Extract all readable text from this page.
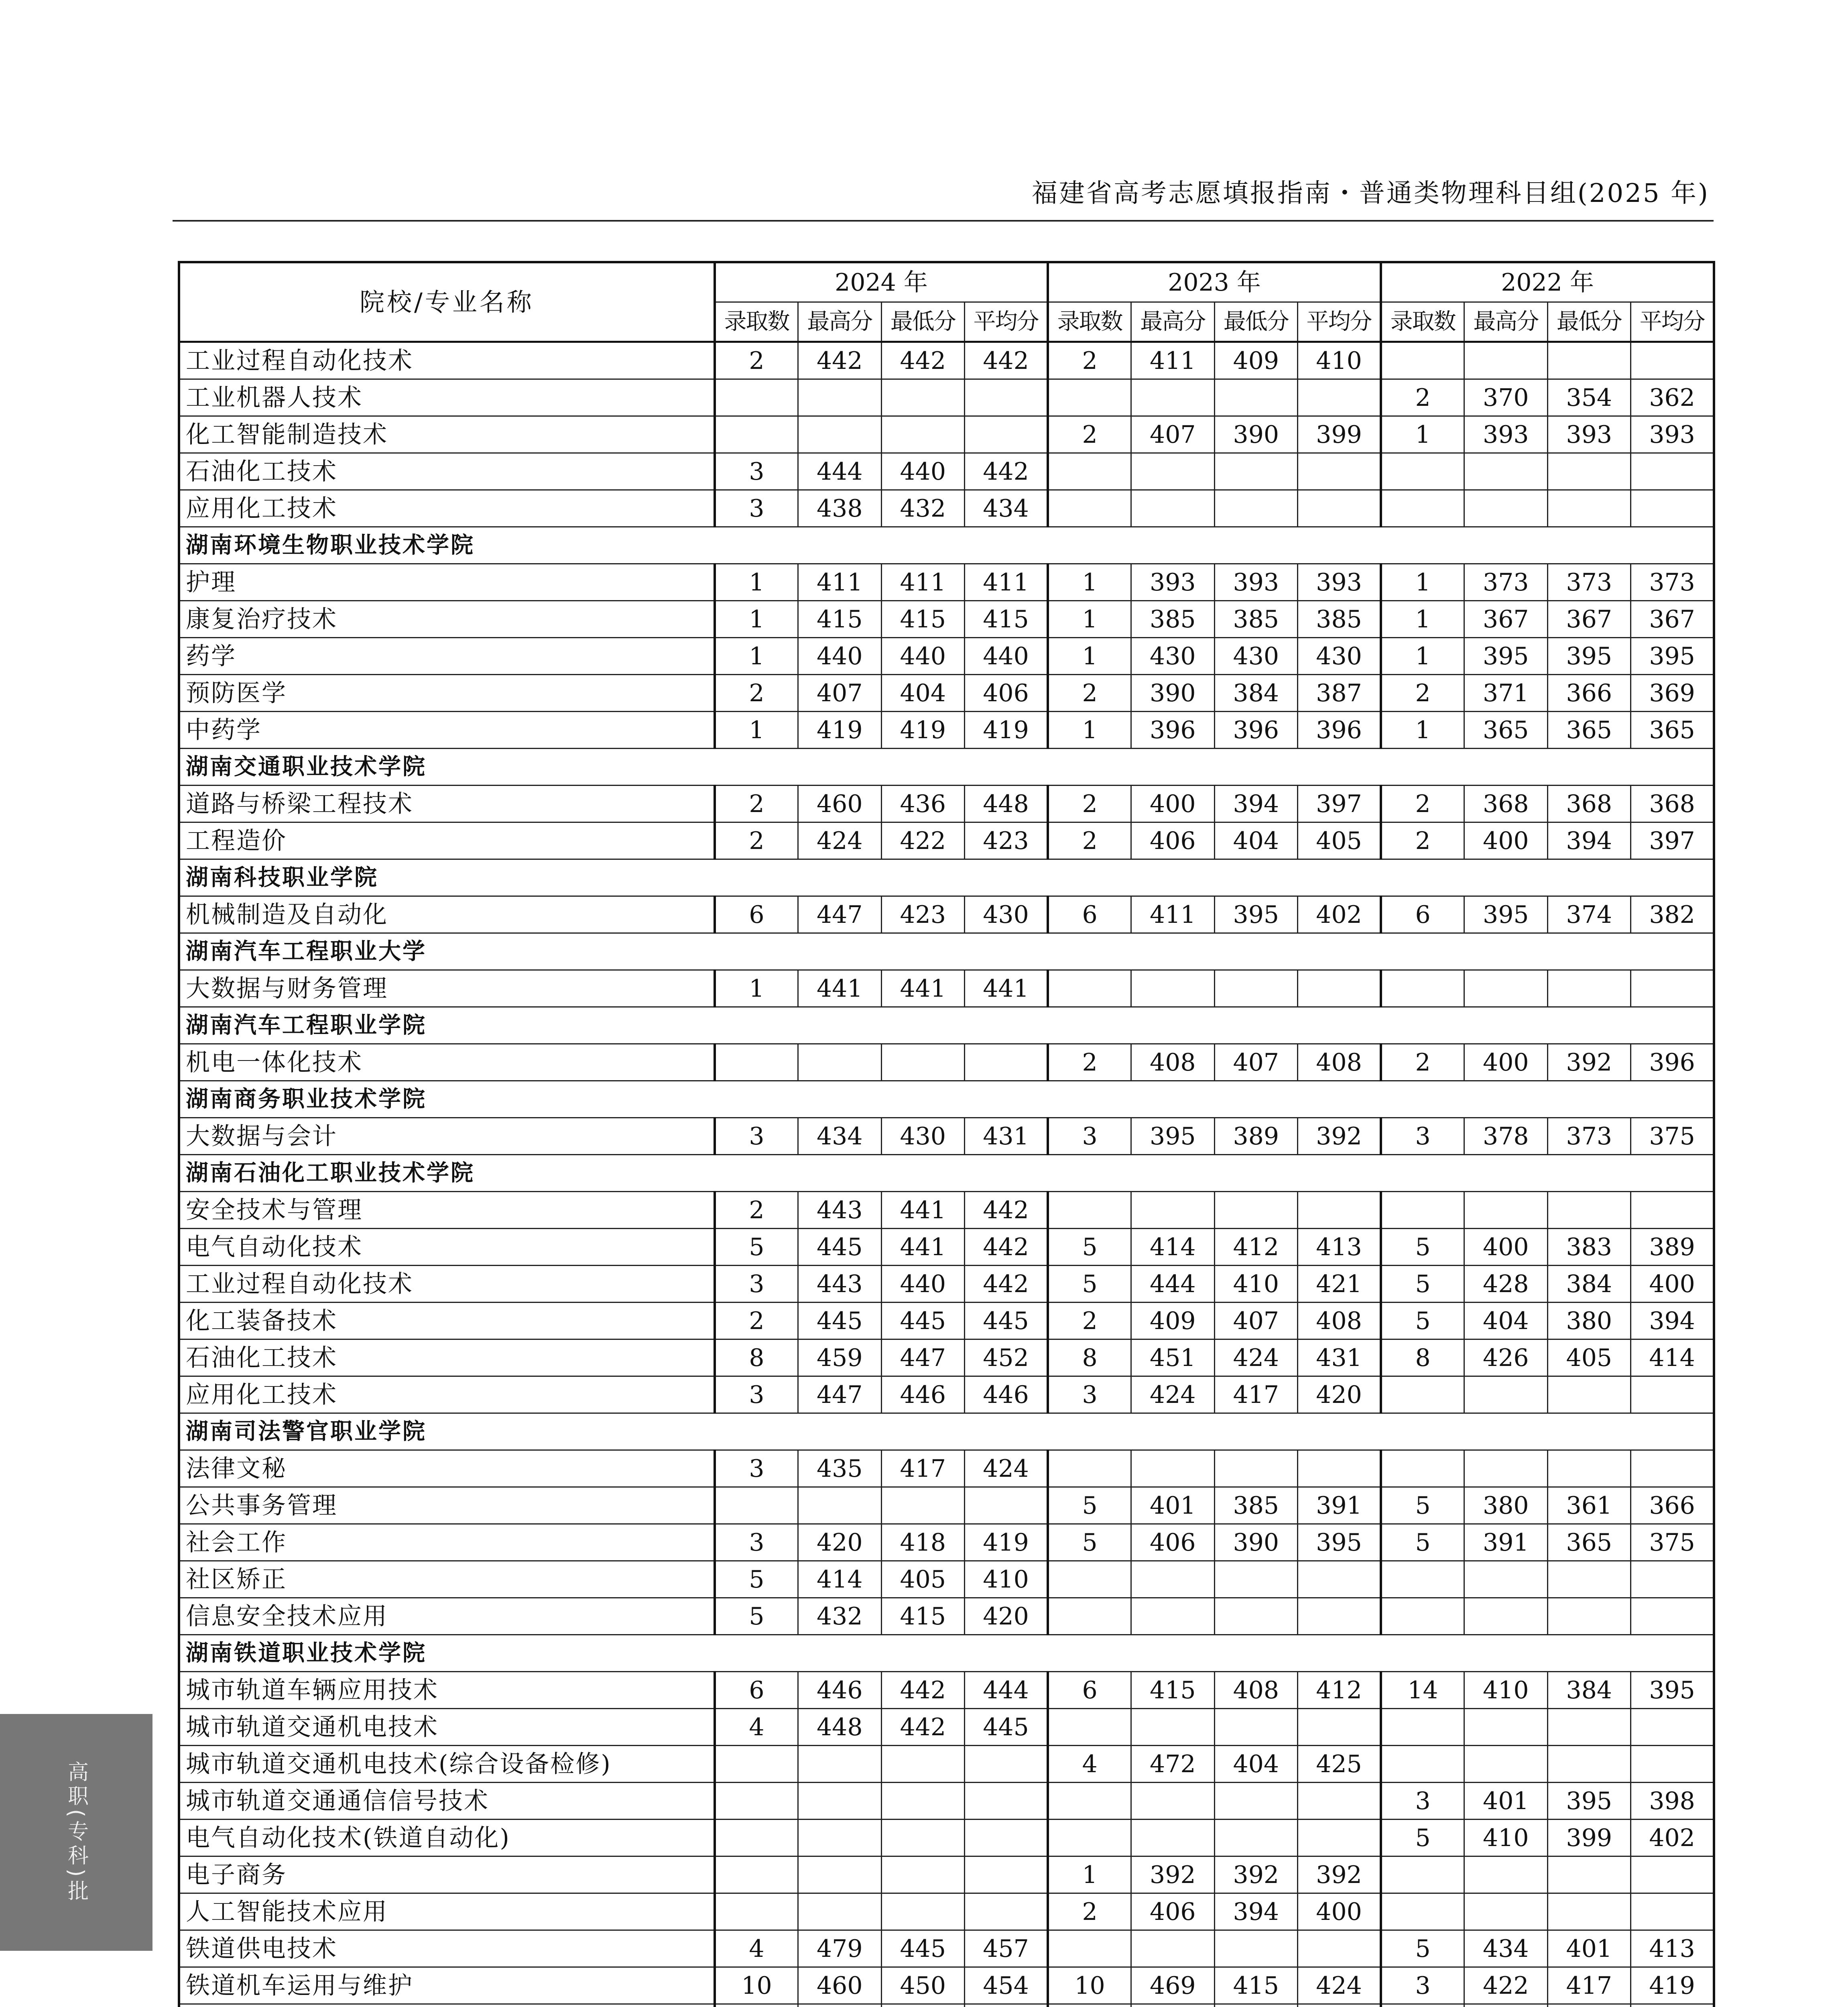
福建省高考志愿填报指南・普通类物理科目组(2025 年)
院校/专业名称	2024 年				2023 年				2022 年			
	录取数	最高分	最低分	平均分	录取数	最高分	最低分	平均分	录取数	最高分	最低分	平均分
工业过程自动化技术	2	442	442	442	2	411	409	410				
工业机器人技术									2	370	354	362
化工智能制造技术					2	407	390	399	1	393	393	393
石油化工技术	3	444	440	442								
应用化工技术	3	438	432	434								
湖南环境生物职业技术学院												
护理	1	411	411	411	1	393	393	393	1	373	373	373
康复治疗技术	1	415	415	415	1	385	385	385	1	367	367	367
药学	1	440	440	440	1	430	430	430	1	395	395	395
预防医学	2	407	404	406	2	390	384	387	2	371	366	369
中药学	1	419	419	419	1	396	396	396	1	365	365	365
湖南交通职业技术学院												
道路与桥梁工程技术	2	460	436	448	2	400	394	397	2	368	368	368
工程造价	2	424	422	423	2	406	404	405	2	400	394	397
湖南科技职业学院												
机械制造及自动化	6	447	423	430	6	411	395	402	6	395	374	382
湖南汽车工程职业大学												
大数据与财务管理	1	441	441	441								
湖南汽车工程职业学院												
机电一体化技术					2	408	407	408	2	400	392	396
湖南商务职业技术学院												
大数据与会计	3	434	430	431	3	395	389	392	3	378	373	375
湖南石油化工职业技术学院												
安全技术与管理	2	443	441	442								
电气自动化技术	5	445	441	442	5	414	412	413	5	400	383	389
工业过程自动化技术	3	443	440	442	5	444	410	421	5	428	384	400
化工装备技术	2	445	445	445	2	409	407	408	5	404	380	394
石油化工技术	8	459	447	452	8	451	424	431	8	426	405	414
应用化工技术	3	447	446	446	3	424	417	420				
湖南司法警官职业学院												
法律文秘	3	435	417	424								
公共事务管理					5	401	385	391	5	380	361	366
社会工作	3	420	418	419	5	406	390	395	5	391	365	375
社区矫正	5	414	405	410								
信息安全技术应用	5	432	415	420								
湖南铁道职业技术学院												
城市轨道车辆应用技术	6	446	442	444	6	415	408	412	14	410	384	395
城市轨道交通机电技术	4	448	442	445								
城市轨道交通机电技术(综合设备检修)					4	472	404	425				
城市轨道交通通信信号技术									3	401	395	398
电气自动化技术(铁道自动化)									5	410	399	402
电子商务					1	392	392	392				
人工智能技术应用					2	406	394	400				
铁道供电技术	4	479	445	457					5	434	401	413
铁道机车运用与维护	10	460	450	454	10	469	415	424	3	422	417	419

高职(专科)批
